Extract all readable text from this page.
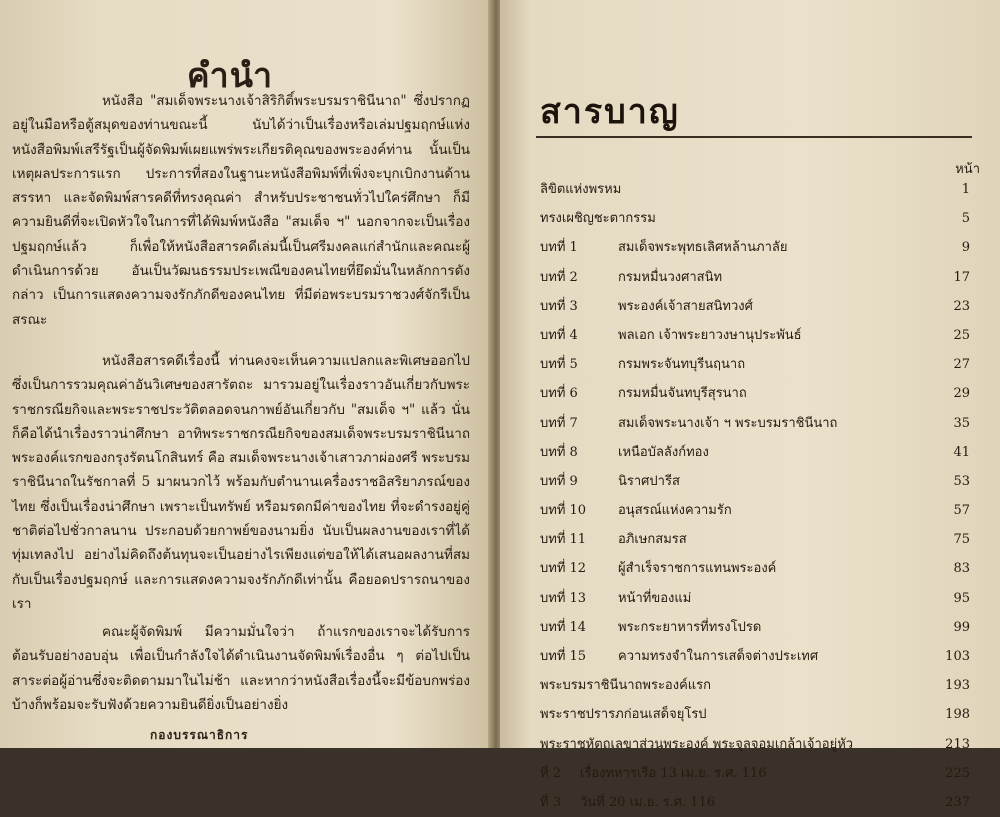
คำนำ

หนังสือ "สมเด็จพระนางเจ้าสิริกิติ์พระบรมราชินีนาถ" ซึ่งปรากฏอยู่ในมือหรือตู้สมุดของท่านขณะนี้ นับได้ว่าเป็นเรื่องหรือเล่มปฐมฤกษ์แห่งหนังสือพิมพ์เสรีรัฐเป็นผู้จัดพิมพ์เผยแพร่พระเกียรติคุณของพระองค์ท่าน นั้นเป็นเหตุผลประการแรก ประการที่สองในฐานะหนังสือพิมพ์ที่เพิ่งจะบุกเบิกงานด้านสรรหา และจัดพิมพ์สารคดีที่ทรงคุณค่า สำหรับประชาชนทั่วไปใคร่ศึกษา ก็มีความยินดีที่จะเปิดหัวใจในการที่ได้พิมพ์หนังสือ "สมเด็จ ฯ" นอกจากจะเป็นเรื่องปฐมฤกษ์แล้ว ก็เพื่อให้หนังสือสารคดีเล่มนี้เป็นศรีมงคลแก่สำนักและคณะผู้ดำเนินการด้วย อันเป็นวัฒนธรรมประเพณีของคนไทยที่ยึดมั่นในหลักการดังกล่าว เป็นการแสดงความจงรักภักดีของคนไทย ที่มีต่อพระบรมราชวงศ์จักรีเป็นสรณะ

หนังสือสารคดีเรื่องนี้ ท่านคงจะเห็นความแปลกและพิเศษออกไป ซึ่งเป็นการรวมคุณค่าอันวิเศษของสารัตถะ มารวมอยู่ในเรื่องราวอันเกี่ยวกับพระราชกรณียกิจและพระราชประวัติตลอดจนกาพย์อันเกี่ยวกับ "สมเด็จ ฯ" แล้ว นั่นก็คือได้นำเรื่องราวน่าศึกษา อาทิพระราชกรณียกิจของสมเด็จพระบรมราชินีนาถ พระองค์แรกของกรุงรัตนโกสินทร์ คือ สมเด็จพระนางเจ้าเสาวภาผ่องศรี พระบรมราชินีนาถในรัชกาลที่ 5 มาผนวกไว้ พร้อมกับตำนานเครื่องราชอิสริยาภรณ์ของไทย ซึ่งเป็นเรื่องน่าศึกษา เพราะเป็นทรัพย์ หรือมรดกมีค่าของไทย ที่จะดำรงอยู่คู่ชาติต่อไปชั่วกาลนาน ประกอบด้วยกาพย์ของนามยิ่ง นับเป็นผลงานของเราที่ได้ทุ่มเทลงไป อย่างไม่คิดถึงต้นทุนจะเป็นอย่างไรเพียงแต่ขอให้ได้เสนอผลงานที่สมกับเป็นเรื่องปฐมฤกษ์ และการแสดงความจงรักภักดีเท่านั้น คือยอดปรารถนาของเรา

คณะผู้จัดพิมพ์ มีความมั่นใจว่า ถ้าแรกของเราจะได้รับการต้อนรับอย่างอบอุ่น เพื่อเป็นกำลังใจได้ดำเนินงานจัดพิมพ์เรื่องอื่น ๆ ต่อไปเป็นสาระต่อผู้อ่านซึ่งจะติดตามมาในไม่ช้า และหากว่าหนังสือเรื่องนี้จะมีข้อบกพร่องบ้างก็พร้อมจะรับฟังด้วยความยินดียิ่งเป็นอย่างยิ่ง

กองบรรณาธิการ
สารบาญ
หน้า
ลิขิตแห่งพรหม	1
ทรงเผชิญชะตากรรม	5
บทที่ 1	สมเด็จพระพุทธเลิศหล้านภาลัย	9
บทที่ 2	กรมหมื่นวงศาสนิท	17
บทที่ 3	พระองค์เจ้าสายสนิทวงศ์	23
บทที่ 4	พลเอก เจ้าพระยาวงษานุประพันธ์	25
บทที่ 5	กรมพระจันทบุรีนฤนาถ	27
บทที่ 6	กรมหมื่นจันทบุรีสุรนาถ	29
บทที่ 7	สมเด็จพระนางเจ้า ฯ พระบรมราชินีนาถ	35
บทที่ 8	เหนือบัลลังก์ทอง	41
บทที่ 9	นิราศปารีส	53
บทที่ 10 อนุสรณ์แห่งความรัก	57
บทที่ 11 อภิเษกสมรส	75
บทที่ 12 ผู้สำเร็จราชการแทนพระองค์	83
บทที่ 13 หน้าที่ของแม่	95
บทที่ 14 พระกระยาหารที่ทรงโปรด	99
บทที่ 15 ความทรงจำในการเสด็จต่างประเทศ	103
พระบรมราชินีนาถพระองค์แรก	193
พระราชปรารภก่อนเสด็จยุโรป	198
พระราชหัตถเลขาส่วนพระองค์ พระจุลจอมเกล้าเจ้าอยู่หัว	213
ที่ 2 เรื่องทหารเรือ 13 เม.ย. ร.ศ. 116	225
ที่ 3 วันที่ 20 เม.ย. ร.ศ. 116	237
